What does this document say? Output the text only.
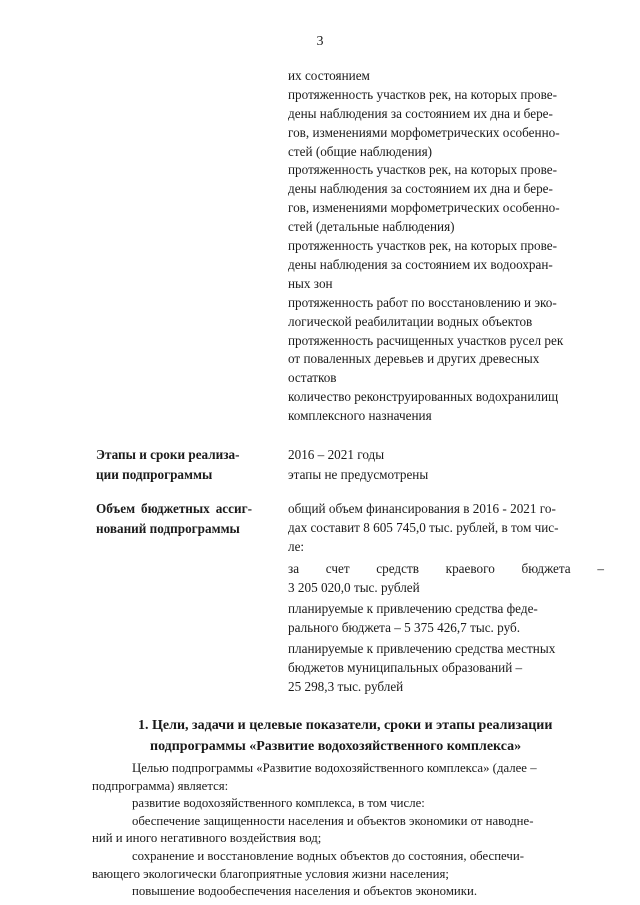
3
их состоянием
протяженность участков рек, на которых прове-
дены наблюдения за состоянием их дна и бере-
гов, изменениями морфометрических особенно-
стей (общие наблюдения)
протяженность участков рек, на которых прове-
дены наблюдения за состоянием их дна и бере-
гов, изменениями морфометрических особенно-
стей (детальные наблюдения)
протяженность участков рек, на которых прове-
дены наблюдения за состоянием их водоохран-
ных зон
протяженность работ по восстановлению и эко-
логической реабилитации водных объектов
протяженность расчищенных участков русел рек
от поваленных деревьев и других древесных
остатков
количество реконструированных водохранилищ
комплексного назначения
Этапы и сроки реализа-
ции подпрограммы
2016 – 2021 годы
этапы не предусмотрены
Объем бюджетных ассиг-
нований подпрограммы
общий объем финансирования в 2016 - 2021 го-
дах составит 8 605 745,0 тыс. рублей, в том чис-
ле:
за счет средств краевого бюджета –
3 205 020,0 тыс. рублей
планируемые к привлечению средства феде-
рального бюджета – 5 375 426,7 тыс. руб.
планируемые к привлечению средства местных
бюджетов муниципальных образований –
25 298,3 тыс. рублей
1. Цели, задачи и целевые показатели, сроки и этапы реализации
подпрограммы «Развитие водохозяйственного комплекса»
Целью подпрограммы «Развитие водохозяйственного комплекса» (далее –
подпрограмма) является:
развитие водохозяйственного комплекса, в том числе:
обеспечение защищенности населения и объектов экономики от наводне-
ний и иного негативного воздействия вод;
сохранение и восстановление водных объектов до состояния, обеспечи-
вающего экологически благоприятные условия жизни населения;
повышение водообеспечения населения и объектов экономики.
